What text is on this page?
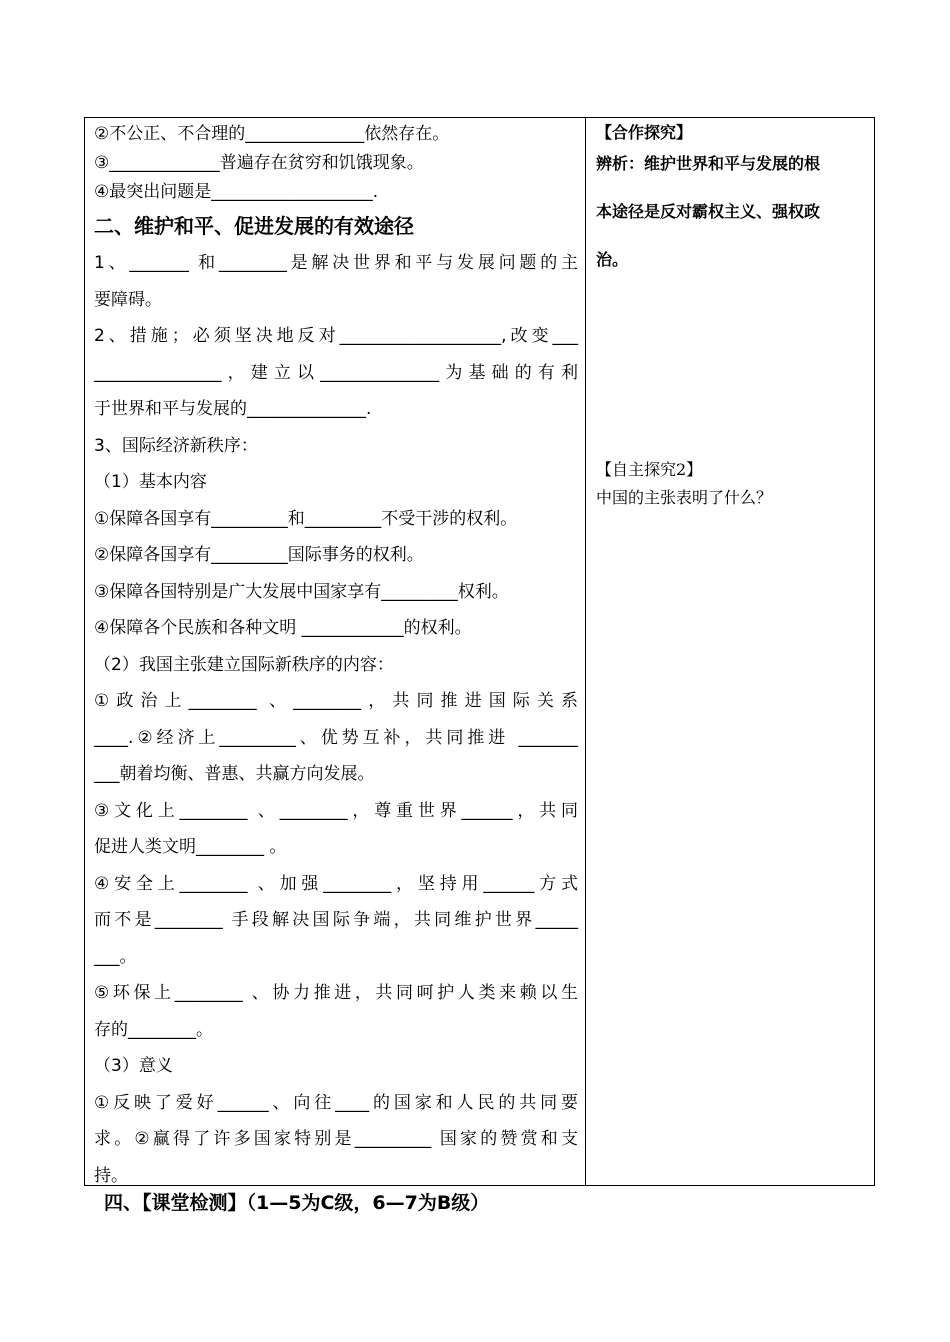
②不公正、不合理的______________依然存在。
③_____________普遍存在贫穷和饥饿现象。
④最突出问题是___________________.
二、维护和平、促进发展的有效途径
1、_______ 和________是解决世界和平与发展问题的主
要障碍。
2、措施；必须坚决地反对___________________,改变___
_______________，建立以______________为基础的有利
于世界和平与发展的______________.
3、国际经济新秩序：
（1）基本内容
①保障各国享有_________和_________不受干涉的权利。
②保障各国享有_________国际事务的权利。
③保障各国特别是广大发展中国家享有_________权利。
④保障各个民族和各种文明 ____________的权利。
（2）我国主张建立国际新秩序的内容：
①政治上________ 、________，共同推进国际关系
____.②经济上_________、优势互补，共同推进 _______
___朝着均衡、普惠、共赢方向发展。
③文化上________ 、________，尊重世界______，共同
促进人类文明________ 。
④安全上________ 、加强________，坚持用______方式
而不是________ 手段解决国际争端，共同维护世界_____
___。
⑤环保上________ 、协力推进，共同呵护人类来赖以生
存的________。
（3）意义
①反映了爱好______、向往____的国家和人民的共同要
求。②赢得了许多国家特别是_________ 国家的赞赏和支
持。
【合作探究】
辨析：维护世界和平与发展的根
本途径是反对霸权主义、强权政
治。
【自主探究2】
中国的主张表明了什么？
四、【课堂检测】（1—5为C级，6—7为B级）
